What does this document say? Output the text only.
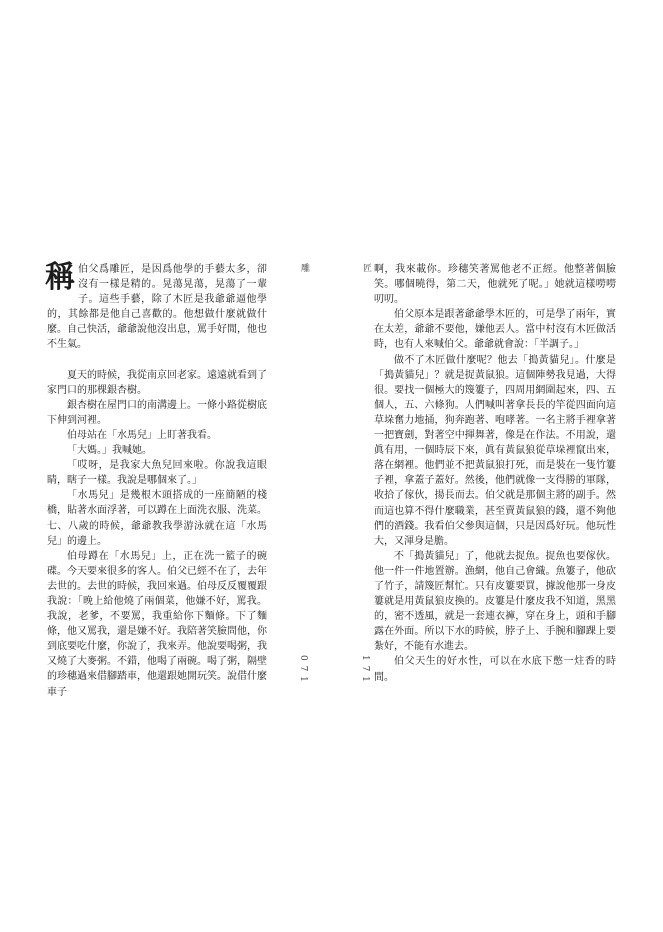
雕	匠

稱伯父爲雕匠，是因爲他學的手藝太多，卻沒有一樣是精的。晃蕩晃蕩，晃蕩了一輩子。這些手藝，除了木匠是我爺爺逼他學的，其餘都是他自己喜歡的。他想做什麼就做什麼。自己快活，爺爺說他沒出息，罵手好閒，他也不生氣。

夏天的時候，我從南京回老家。遠遠就看到了家門口的那棵銀杏樹。

銀杏樹在屋門口的南溝邊上。一條小路從樹底下伸到河裡。

伯母站在「水馬兒」上盯著我看。

「大媽。」我喊她。

「哎呀，是我家大魚兒回來啦。你說我這眼睛，瞎子一樣。我說是哪個來了。」

「水馬兒」是幾根木頭搭成的一座簡陋的棧橋，貼著水面浮著，可以蹲在上面洗衣服、洗菜。七、八歲的時候，爺爺教我學游泳就在這「水馬兒」的邊上。

伯母蹲在「水馬兒」上，正在洗一籃子的碗碟。今天要來很多的客人。伯父已經不在了，去年去世的。去世的時候，我回來過。伯母反反覆覆跟我說：「晚上給他燒了兩個菜，他嫌不好，罵我。我說，老爹，不要罵，我重給你下麵條。下了麵條，他又罵我，還是嫌不好。我陪著笑臉問他，你到底要吃什麼，你說了，我來弄。他說要喝粥，我又燒了大麥粥。不錯，他喝了兩碗。喝了粥，隔壁的珍穗過來借腳踏車，他還跟她開玩笑。說借什麼車子

啊，我來載你。珍穗笑著罵他老不正經。他整著個臉笑。哪個曉得，第二天，他就死了呢。」她就這樣嘮嘮叨叨。

伯父原本是跟著爺爺學木匠的，可是學了兩年，實在太差，爺爺不要他，嫌他丟人。當中村沒有木匠做活時，也有人來喊伯父。爺爺就會說：「半調子。」

做不了木匠做什麼呢？他去「搗黃貓兒」。什麼是「搗黃貓兒」？就是捉黃鼠狼。這個陣勢我見過，大得很。要找一個極大的篾簍子，四周用網圍起來，四、五個人，五、六條狗。人們喊叫著拿長長的竿從四面向這草垛奮力地捅，狗奔跑著、咆哮著。一名主將手裡拿著一把寶劍，對著空中揮舞著，像是在作法。不用說，還眞有用，一個時辰下來，眞有黃鼠狼從草垛裡竄出來，落在網裡。他們並不把黃鼠狼打死，而是裝在一隻竹簍子裡，拿蓋子蓋好。然後，他們就像一支得勝的軍隊，收拾了傢伙，揚長而去。伯父就是那個主將的副手。然而這也算不得什麼職業，甚至賣黃鼠狼的錢，還不夠他們的酒錢。我看伯父參與這個，只是因爲好玩。他玩性大，又渾身是膽。

不「搗黃貓兒」了，他就去捉魚。捉魚也要傢伙。他一件一件地置辦。漁網，他自己會織。魚簍子，他砍了竹子，請篾匠幫忙。只有皮簍要買，據說他那一身皮簍就是用黃鼠狼皮換的。皮簍是什麼皮我不知道，黑黑的，密不透風，就是一套連衣褲，穿在身上，頭和手腳露在外面。所以下水的時候，脖子上、手腕和腳踝上要紮好，不能有水進去。

伯父天生的好水性，可以在水底下憋一炷香的時間。

0 7 1	1 7 1
